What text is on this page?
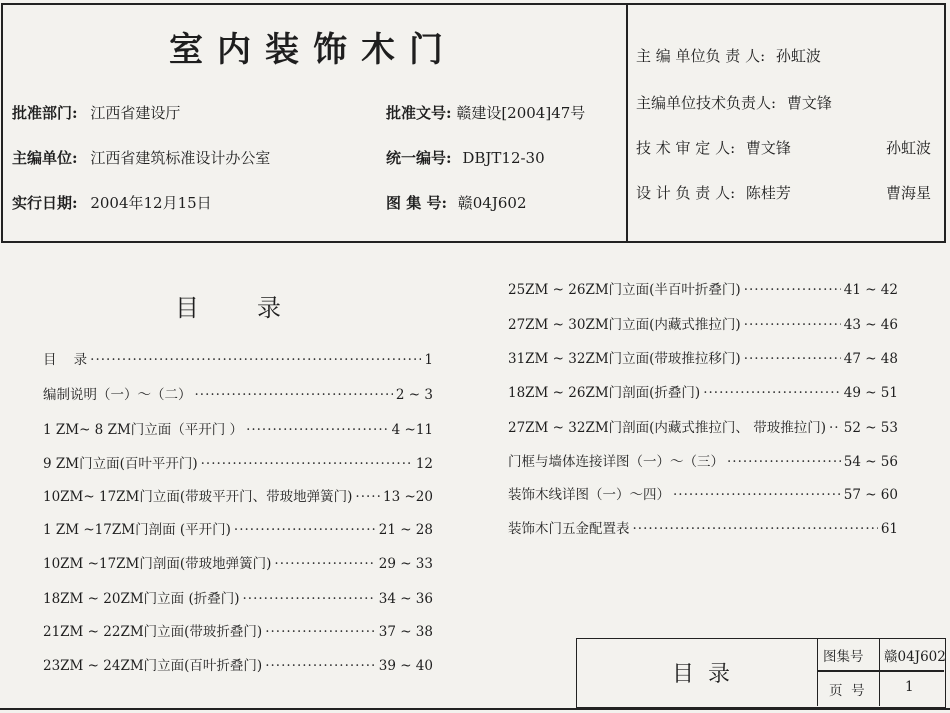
室内装饰木门
批准部门: 江西省建设厅
主编单位: 江西省建筑标准设计办公室
实行日期: 2004年12月15日
批准文号: 赣建设[2004]47号
统一编号: DBJT12-30
图 集 号: 赣04J602
主 编 单位负 责 人: 孙虹波
主编单位技术负责人: 曹文锋
技 术 审 定 人: 曹文锋	孙虹波
设 计 负 责 人: 陈桂芳	曹海星
目录
目    录 ·····	1
编制说明（一）～（二） ·····	2 ~ 3
1 ZM~ 8 ZM门立面（平开门 ） ·····	4 ~11
9 ZM门立面(百叶平开门) ·····	12
10ZM~ 17ZM门立面(带玻平开门、带玻地弹簧门) ····· 13 ~20
1 ZM ~17ZM门剖面 (平开门) ·····	21 ~ 28
10ZM ~17ZM门剖面(带玻地弹簧门) ·····	29 ~ 33
18ZM ~ 20ZM门立面 (折叠门) ·····	34 ~ 36
21ZM ~ 22ZM门立面(带玻折叠门) ·····	37 ~ 38
23ZM ~ 24ZM门立面(百叶折叠门) ·····	39 ~ 40
25ZM ~ 26ZM门立面(半百叶折叠门) ·····	41 ~ 42
27ZM ~ 30ZM门立面(内藏式推拉门) ·····	43 ~ 46
31ZM ~ 32ZM门立面(带玻推拉移门) ·····	47 ~ 48
18ZM ~ 26ZM门剖面(折叠门) ·····	49 ~ 51
27ZM ~ 32ZM门剖面(内藏式推拉门、 带玻推拉门) ····· 52 ~ 53
门框与墙体连接详图（一）～（三） ·····	54 ~ 56
装饰木线详图（一）～四） ·····	57 ~ 60
装饰木门五金配置表 ·····	61
目录
图集号 赣04J602
页  号	1
